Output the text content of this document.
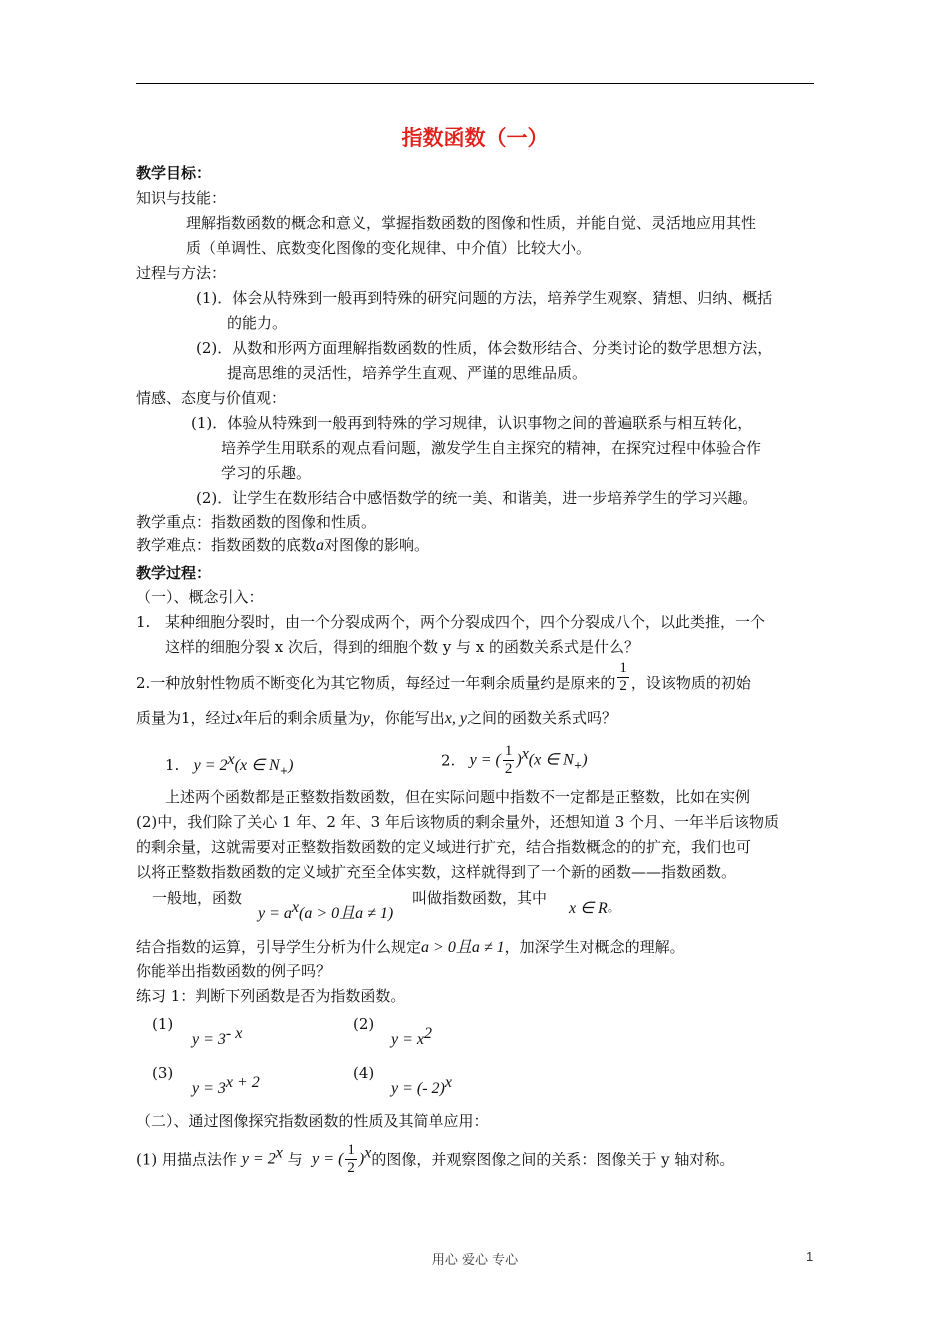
指数函数（一）
教学目标：
知识与技能：
理解指数函数的概念和意义，掌握指数函数的图像和性质，并能自觉、灵活地应用其性
质（单调性、底数变化图像的变化规律、中介值）比较大小。
过程与方法：
(1)．体会从特殊到一般再到特殊的研究问题的方法，培养学生观察、猜想、归纳、概括
的能力。
(2)．从数和形两方面理解指数函数的性质，体会数形结合、分类讨论的数学思想方法，
提高思维的灵活性，培养学生直观、严谨的思维品质。
情感、态度与价值观：
(1)．体验从特殊到一般再到特殊的学习规律，认识事物之间的普遍联系与相互转化，
培养学生用联系的观点看问题，激发学生自主探究的精神，在探究过程中体验合作
学习的乐趣。
(2)．让学生在数形结合中感悟数学的统一美、和谐美，进一步培养学生的学习兴趣。
教学重点：指数函数的图像和性质。
教学难点：指数函数的底数a对图像的影响。
教学过程：
（一）、概念引入：
1. 某种细胞分裂时，由一个分裂成两个，两个分裂成四个，四个分裂成八个，以此类推，一个
这样的细胞分裂 x 次后，得到的细胞个数 y 与 x 的函数关系式是什么？
2.一种放射性物质不断变化为其它物质，每经过一年剩余质量约是原来的 $\frac{1}{2}$ ，设该物质的初始
质量为1，经过x年后的剩余质量为y，你能写出x, y之间的函数关系式吗？
1. $y = 2^x(x$ ∈ $N_+$)	2. y = ( $\frac{1}{2} )^x(x$ ∈ $N_+$)
上述两个函数都是正整数指数函数，但在实际问题中指数不一定都是正整数，比如在实例
(2)中，我们除了关心 1 年、2 年、3 年后该物质的剩余量外，还想知道 3 个月、一年半后该物质
的剩余量，这就需要对正整数指数函数的定义域进行扩充，结合指数概念的的扩充，我们也可
以将正整数指数函数的定义域扩充至全体实数，这样就得到了一个新的函数——指数函数。
一般地，函数
$y = a^x(a > 0$且a ≠ 1)
叫做指数函数，其中
x ∈ R。
结合指数的运算，引导学生分析为什么规定a > 0且a ≠ 1，加深学生对概念的理解。
你能举出指数函数的例子吗？
练习 1：判断下列函数是否为指数函数。
(1)
$y = 3^{- x}$
(2)
$y = x^2$
(3)
$y = 3^{x + 2}$
(4)
y = (- 2)$^x$
（二）、通过图像探究指数函数的性质及其简单应用：
(1) 用描点法作 $y = 2^x$ 与 y = ( $\frac{1}{2} )^x$的图像，并观察图像之间的关系：图像关于 y 轴对称。
用心 爱心 专心	1
